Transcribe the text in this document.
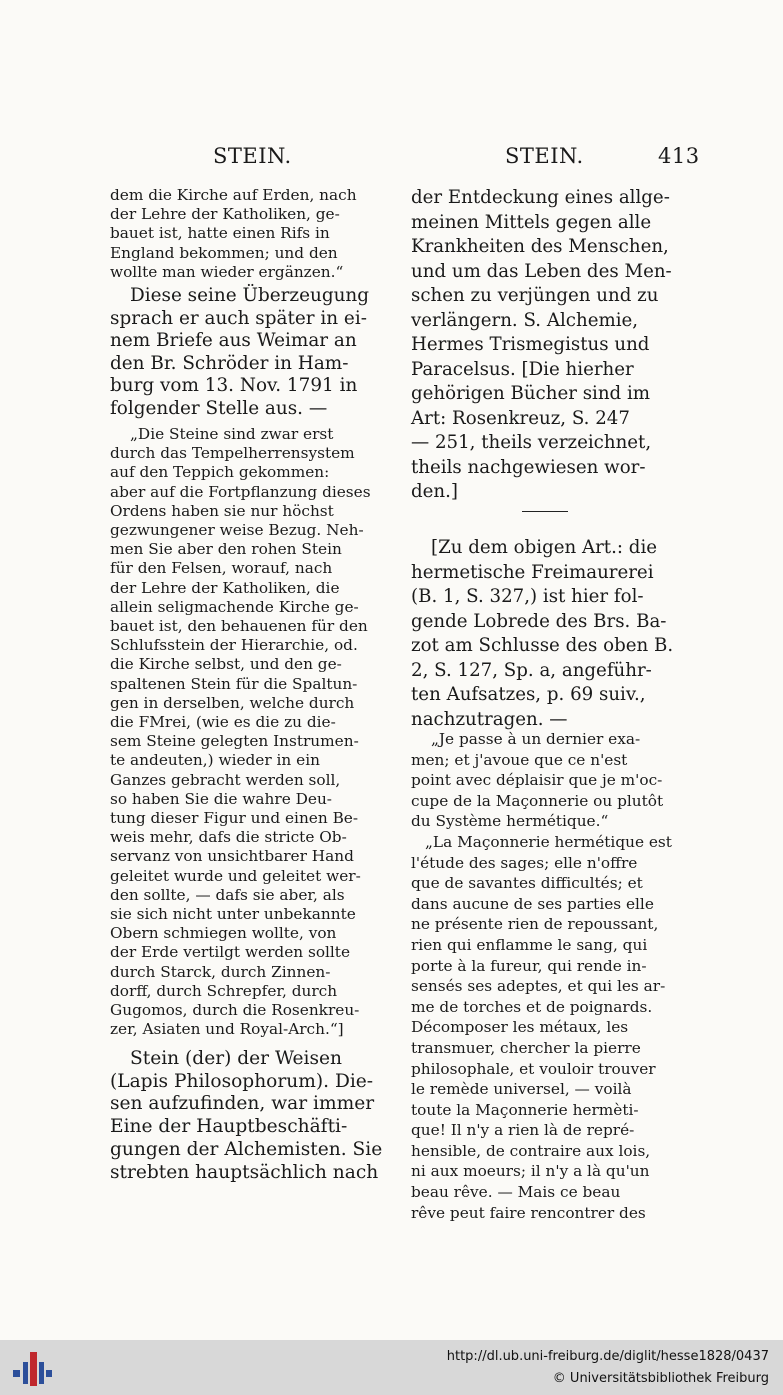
STEIN.	STEIN.	413
dem die Kirche auf Erden, nach
der Lehre der Katholiken, ge-
bauet ist, hatte einen Rifs in
England bekommen; und den
wollte man wieder ergänzen.“
Diese seine Überzeugung
sprach er auch später in ei-
nem Briefe aus Weimar an
den Br. Schröder in Ham-
burg vom 13. Nov. 1791 in
folgender Stelle aus. —
„Die Steine sind zwar erst
durch das Tempelherrensystem
auf den Teppich gekommen:
aber auf die Fortpflanzung dieses
Ordens haben sie nur höchst
gezwungener weise Bezug. Neh-
men Sie aber den rohen Stein
für den Felsen, worauf, nach
der Lehre der Katholiken, die
allein seligmachende Kirche ge-
bauet ist, den behauenen für den
Schlufsstein der Hierarchie, od.
die Kirche selbst, und den ge-
spaltenen Stein für die Spaltun-
gen in derselben, welche durch
die FMrei, (wie es die zu die-
sem Steine gelegten Instrumen-
te andeuten,) wieder in ein
Ganzes gebracht werden soll,
so haben Sie die wahre Deu-
tung dieser Figur und einen Be-
weis mehr, dafs die stricte Ob-
servanz von unsichtbarer Hand
geleitet wurde und geleitet wer-
den sollte, — dafs sie aber, als
sie sich nicht unter unbekannte
Obern schmiegen wollte, von
der Erde vertilgt werden sollte
durch Starck, durch Zinnen-
dorff, durch Schrepfer, durch
Gugomos, durch die Rosenkreu-
zer, Asiaten und Royal-Arch.“]
Stein (der) der Weisen
(Lapis Philosophorum). Die-
sen aufzufinden, war immer
Eine der Hauptbeschäfti-
gungen der Alchemisten. Sie
strebten hauptsächlich nach
der Entdeckung eines allge-
meinen Mittels gegen alle
Krankheiten des Menschen,
und um das Leben des Men-
schen zu verjüngen und zu
verlängern. S. Alchemie,
Hermes Trismegistus und
Paracelsus. [Die hierher
gehörigen Bücher sind im
Art: Rosenkreuz, S. 247
— 251, theils verzeichnet,
theils nachgewiesen wor-
den.]
[Zu dem obigen Art.: die
hermetische Freimaurerei
(B. 1, S. 327,) ist hier fol-
gende Lobrede des Brs. Ba-
zot am Schlusse des oben B.
2, S. 127, Sp. a, angeführ-
ten Aufsatzes, p. 69 suiv.,
nachzutragen. —
„Je passe à un dernier exa-
men; et j'avoue que ce n'est
point avec déplaisir que je m'oc-
cupe de la Maçonnerie ou plutôt
du Système hermétique.“
„La Maçonnerie hermétique est
l'étude des sages; elle n'offre
que de savantes difficultés; et
dans aucune de ses parties elle
ne présente rien de repoussant,
rien qui enflamme le sang, qui
porte à la fureur, qui rende in-
sensés ses adeptes, et qui les ar-
me de torches et de poignards.
Décomposer les métaux, les
transmuer, chercher la pierre
philosophale, et vouloir trouver
le remède universel, — voilà
toute la Maçonnerie hermèti-
que! Il n'y a rien là de repré-
hensible, de contraire aux lois,
ni aux moeurs; il n'y a là qu'un
beau rêve. — Mais ce beau
rêve peut faire rencontrer des
http://dl.ub.uni-freiburg.de/diglit/hesse1828/0437
© Universitätsbibliothek Freiburg
